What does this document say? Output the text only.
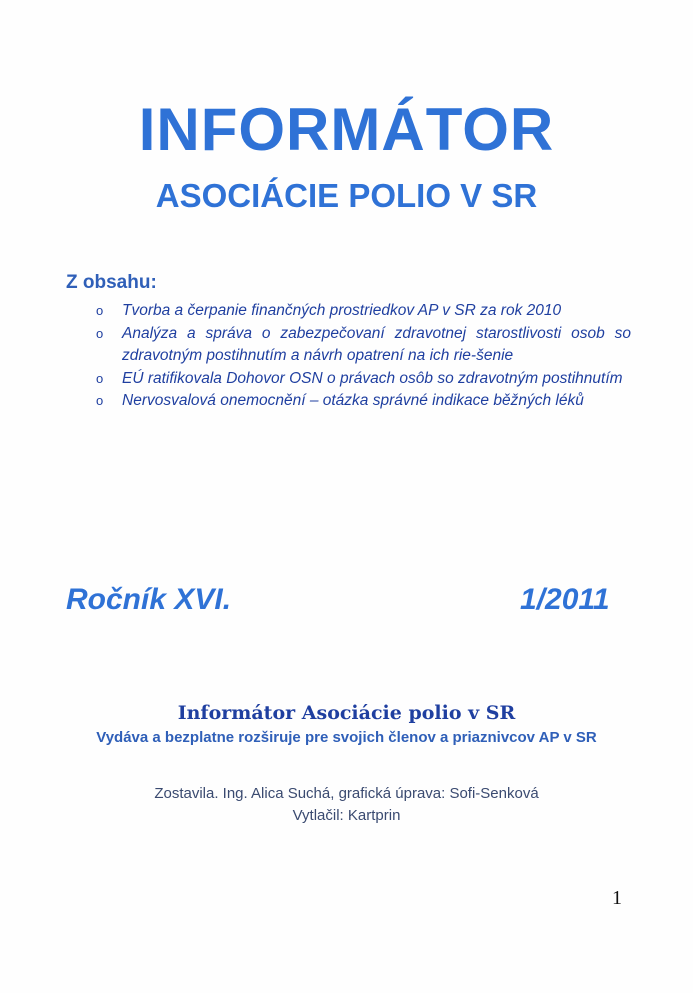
INFORMÁTOR
ASOCIÁCIE POLIO V SR
Z obsahu:
o Tvorba a čerpanie finančných prostriedkov AP v SR za rok 2010
o Analýza a správa o zabezpečovaní zdravotnej starostlivosti osob so zdravotným postihnutím a návrh opatrení na ich rie-šenie
o EÚ ratifikovala Dohovor OSN o právach osôb so zdravotným postihnutím
o Nervosvalová onemocnění – otázka správné indikace běžných léků
Ročník XVI.	1/2011
Informátor Asociácie polio v SR
Vydáva a bezplatne rozširuje pre svojich členov a priaznivcov AP v SR
Zostavila. Ing. Alica Suchá, grafická úprava: Sofi-Senková
Vytlačil: Kartprin
1
